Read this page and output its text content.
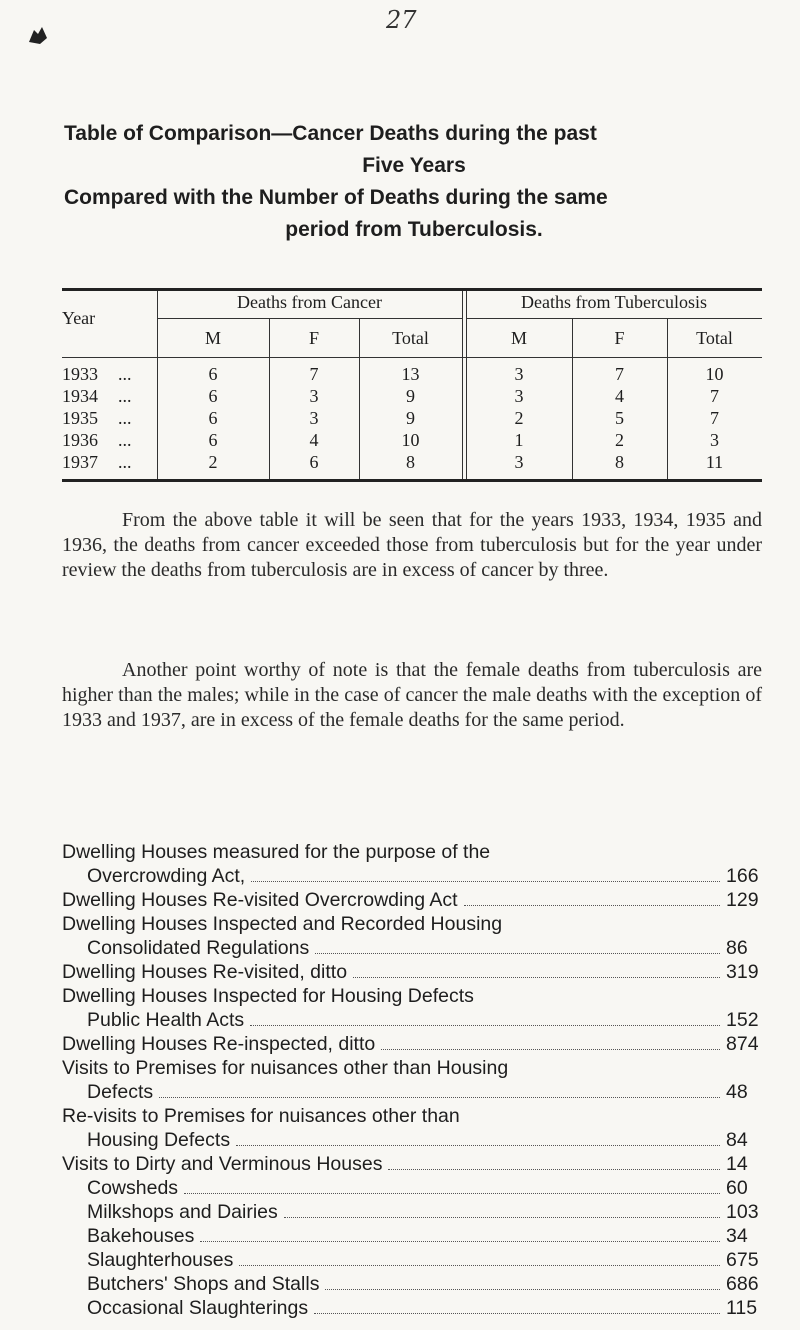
27
Table of Comparison—Cancer Deaths during the past
Five Years
Compared with the Number of Deaths during the same
period from Tuberculosis.
Year
Deaths from Cancer	Deaths from Tuberculosis
M	F	Total	M	F	Total
1933 ...	6	7	13	3	7	10
1934 ...	6	3	9	3	4	7
1935 ...	6	3	9	2	5	7
1936 ...	6	4	10	1	2	3
1937 ...	2	6	8	3	8	11

From the above table it will be seen that for the years 1933, 1934, 1935 and 1936, the deaths from cancer exceeded those from tuberculosis but for the year under review the deaths from tuberculosis are in excess of cancer by three.

Another point worthy of note is that the female deaths from tuberculosis are higher than the males; while in the case of cancer the male deaths with the exception of 1933 and 1937, are in excess of the female deaths for the same period.

Dwelling Houses measured for the purpose of the
Overcrowding Act,	166
Dwelling Houses Re-visited Overcrowding Act	129
Dwelling Houses Inspected and Recorded Housing
Consolidated Regulations	86
Dwelling Houses Re-visited, ditto	319
Dwelling Houses Inspected for Housing Defects
Public Health Acts	152
Dwelling Houses Re-inspected, ditto	874
Visits to Premises for nuisances other than Housing
Defects	48
Re-visits to Premises for nuisances other than
Housing Defects	84
Visits to Dirty and Verminous Houses	14
Cowsheds	60
Milkshops and Dairies	103
Bakehouses	34
Slaughterhouses	675
Butchers' Shops and Stalls	686
Occasional Slaughterings	115
